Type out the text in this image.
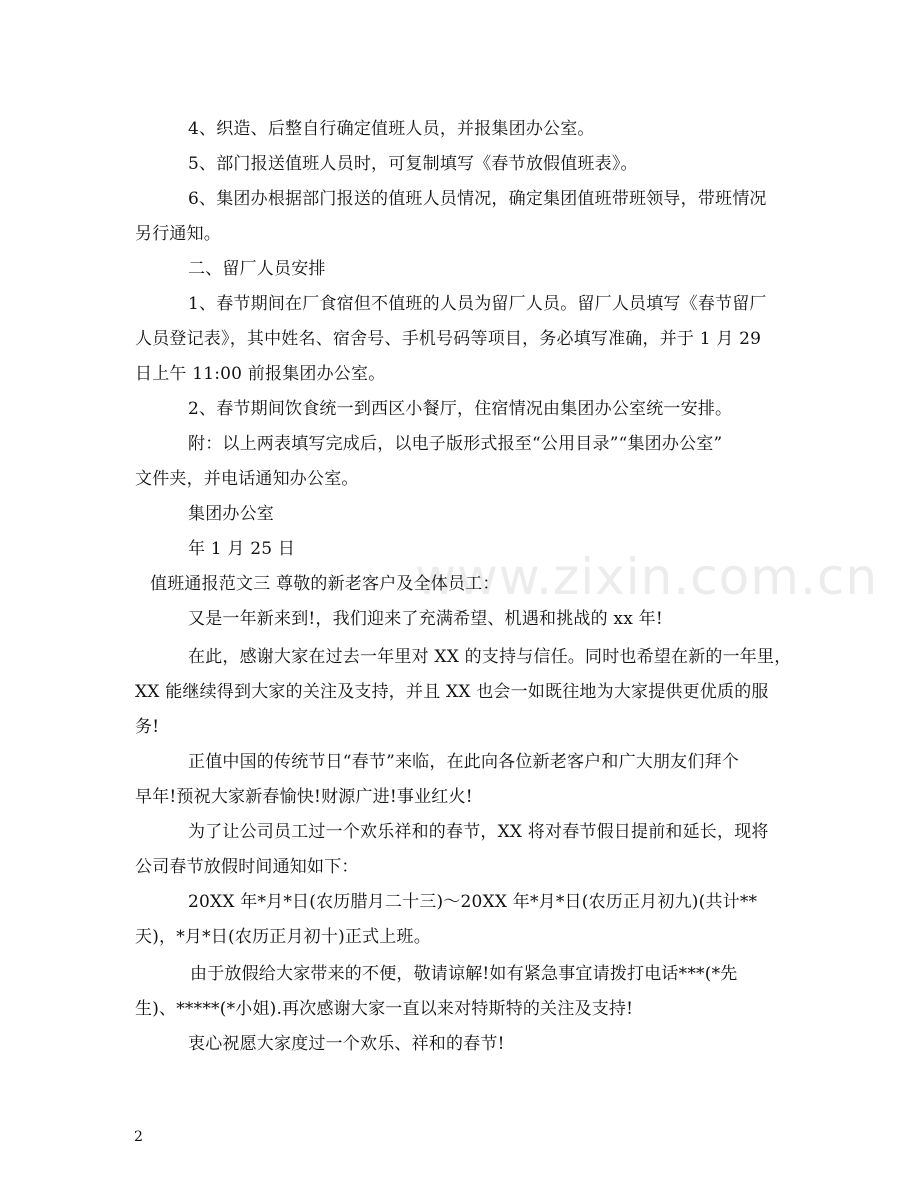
www.zixin.com.cn
4、织造、后整自行确定值班人员，并报集团办公室。
5、部门报送值班人员时，可复制填写《春节放假值班表》。
6、集团办根据部门报送的值班人员情况，确定集团值班带班领导，带班情况
另行通知。
二、留厂人员安排
1、春节期间在厂食宿但不值班的人员为留厂人员。留厂人员填写《春节留厂
人员登记表》，其中姓名、宿舍号、手机号码等项目，务必填写准确，并于 1 月 29
日上午 11:00 前报集团办公室。
2、春节期间饮食统一到西区小餐厅，住宿情况由集团办公室统一安排。
附：以上两表填写完成后，以电子版形式报至“公用目录”“集团办公室”
文件夹，并电话通知办公室。
集团办公室
年 1 月 25 日
值班通报范文三 尊敬的新老客户及全体员工：
又是一年新来到!，我们迎来了充满希望、机遇和挑战的 xx 年!
在此，感谢大家在过去一年里对 XX 的支持与信任。同时也希望在新的一年里，
XX 能继续得到大家的关注及支持，并且 XX 也会一如既往地为大家提供更优质的服
务!
正值中国的传统节日“春节”来临，在此向各位新老客户和广大朋友们拜个
早年!预祝大家新春愉快!财源广进!事业红火!
为了让公司员工过一个欢乐祥和的春节，XX 将对春节假日提前和延长，现将
公司春节放假时间通知如下：
20XX 年*月*日(农历腊月二十三)～20XX 年*月*日(农历正月初九)(共计**
天)，*月*日(农历正月初十)正式上班。
由于放假给大家带来的不便，敬请谅解!如有紧急事宜请拨打电话***(*先
生)、*****(*小姐).再次感谢大家一直以来对特斯特的关注及支持!
衷心祝愿大家度过一个欢乐、祥和的春节!
2
